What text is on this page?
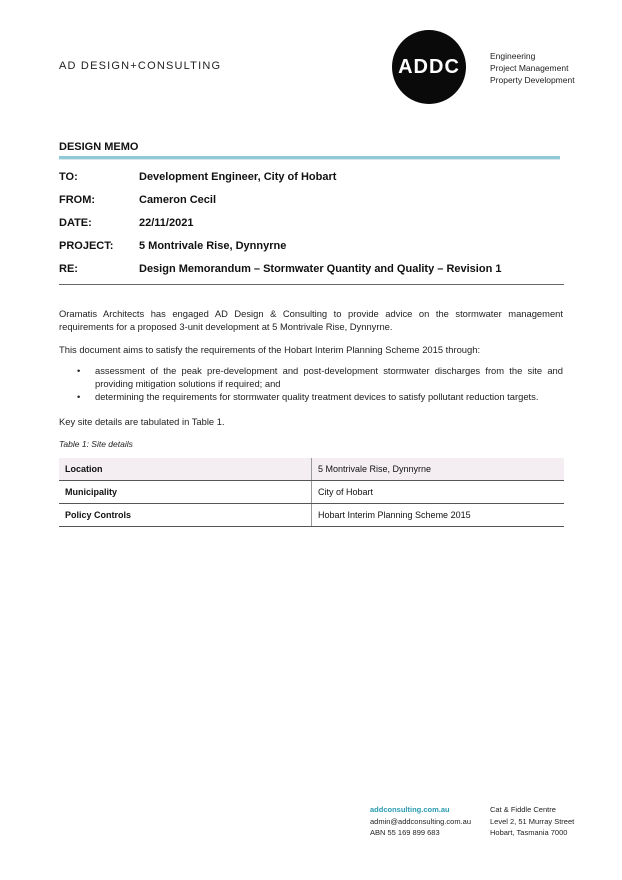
AD DESIGN+CONSULTING	ADDC	Engineering
Project Management
Property Development
DESIGN MEMO
TO:	Development Engineer, City of Hobart
FROM:	Cameron Cecil
DATE:	22/11/2021
PROJECT:	5 Montrivale Rise, Dynnyrne
RE:	Design Memorandum – Stormwater Quantity and Quality – Revision 1
Oramatis Architects has engaged AD Design & Consulting to provide advice on the stormwater management requirements for a proposed 3-unit development at 5 Montrivale Rise, Dynnyrne.
This document aims to satisfy the requirements of the Hobart Interim Planning Scheme 2015 through:
• assessment of the peak pre-development and post-development stormwater discharges from the site and providing mitigation solutions if required; and
• determining the requirements for stormwater quality treatment devices to satisfy pollutant reduction targets.
Key site details are tabulated in Table 1.
Table 1: Site details
Location	5 Montrivale Rise, Dynnyrne
Municipality	City of Hobart
Policy Controls	Hobart Interim Planning Scheme 2015
addconsulting.com.au
admin@addconsulting.com.au
ABN 55 169 899 683
Cat & Fiddle Centre
Level 2, 51 Murray Street
Hobart, Tasmania 7000
